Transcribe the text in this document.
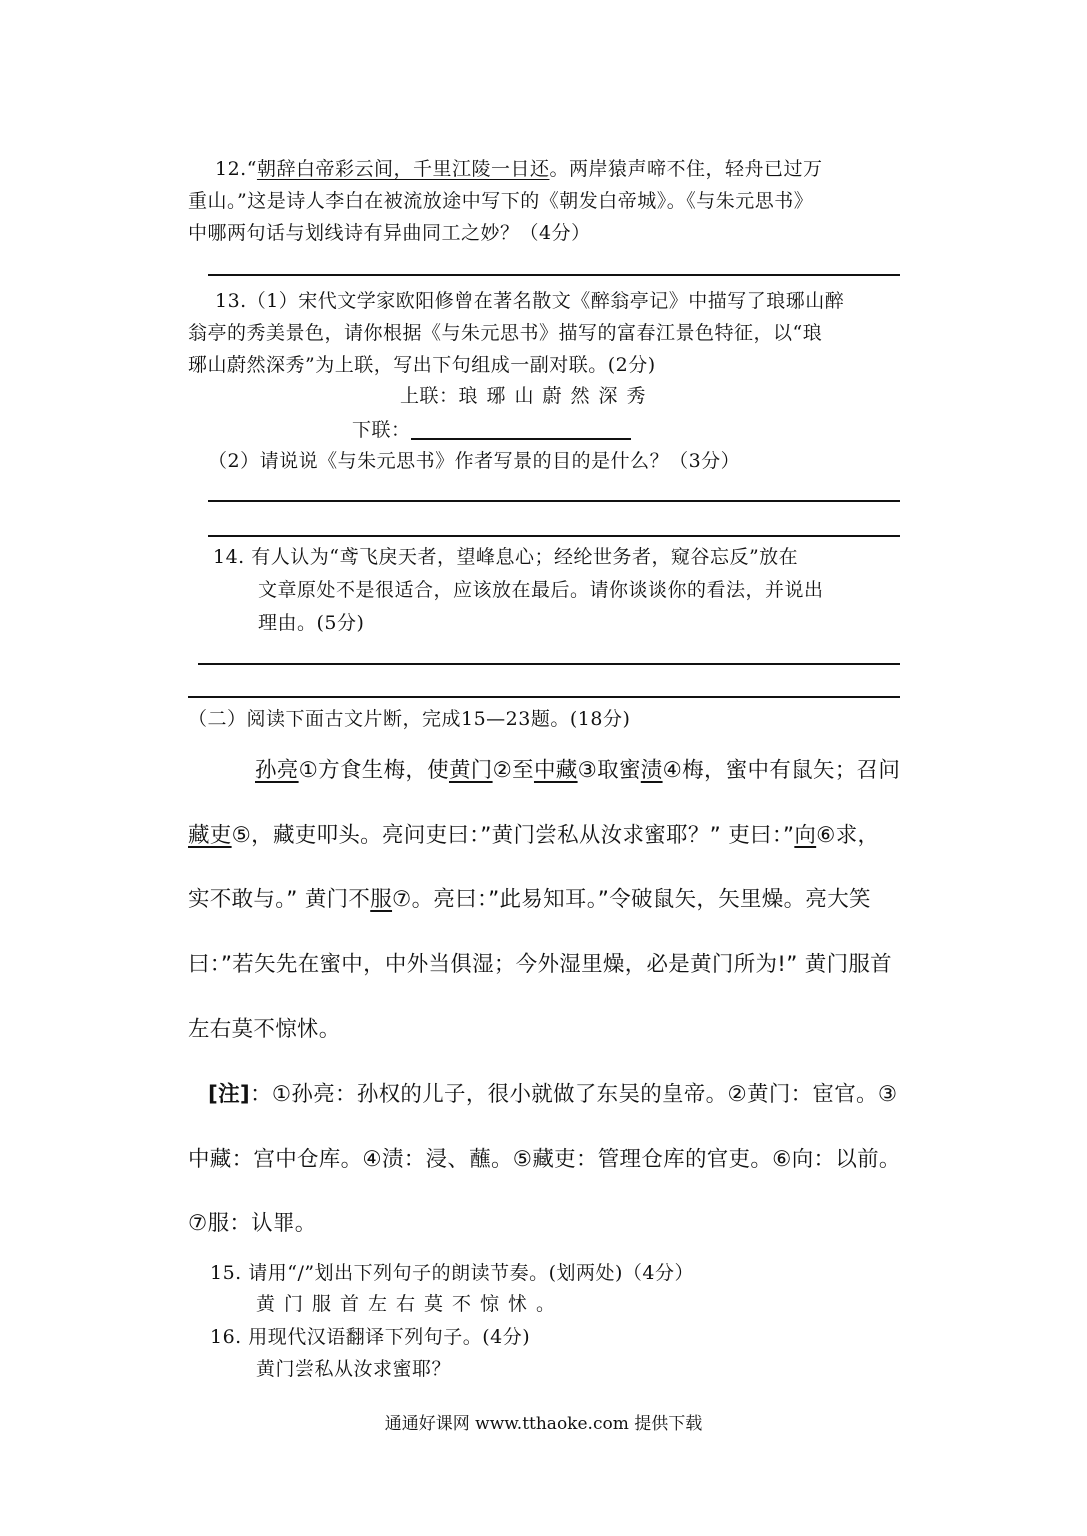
12.“朝辞白帝彩云间，千里江陵一日还。两岸猿声啼不住，轻舟已过万
重山。”这是诗人李白在被流放途中写下的《朝发白帝城》。《与朱元思书》
中哪两句话与划线诗有异曲同工之妙？（4分）
13.（1）宋代文学家欧阳修曾在著名散文《醉翁亭记》中描写了琅琊山醉
翁亭的秀美景色，请你根据《与朱元思书》描写的富春江景色特征，以“琅
琊山蔚然深秀”为上联，写出下句组成一副对联。(2分)
上联：琅琊山蔚然深秀
下联：
（2）请说说《与朱元思书》作者写景的目的是什么？（3分）
14. 有人认为“鸢飞戾天者，望峰息心；经纶世务者，窥谷忘反”放在
文章原处不是很适合，应该放在最后。请你谈谈你的看法，并说出
理由。(5分)
（二）阅读下面古文片断，完成15—23题。(18分)
孙亮①方食生梅，使黄门②至中藏③取蜜渍④梅，蜜中有鼠矢；召问
藏吏⑤，藏吏叩头。亮问吏曰：”黄门尝私从汝求蜜耶？” 吏曰：”向⑥求，
实不敢与。” 黄门不服⑦。亮曰：”此易知耳。”令破鼠矢，矢里燥。亮大笑
曰：”若矢先在蜜中，中外当俱湿；今外湿里燥，必是黄门所为!” 黄门服首
左右莫不惊怵。
[注]：①孙亮：孙权的儿子，很小就做了东吴的皇帝。②黄门：宦官。③
中藏：宫中仓库。④渍：浸、蘸。⑤藏吏：管理仓库的官吏。⑥向：以前。
⑦服：认罪。
15. 请用“/”划出下列句子的朗读节奏。(划两处)（4分）
黄门服首左右莫不惊怵。
16. 用现代汉语翻译下列句子。(4分)
黄门尝私从汝求蜜耶？
通通好课网 www.tthaoke.com 提供下载
